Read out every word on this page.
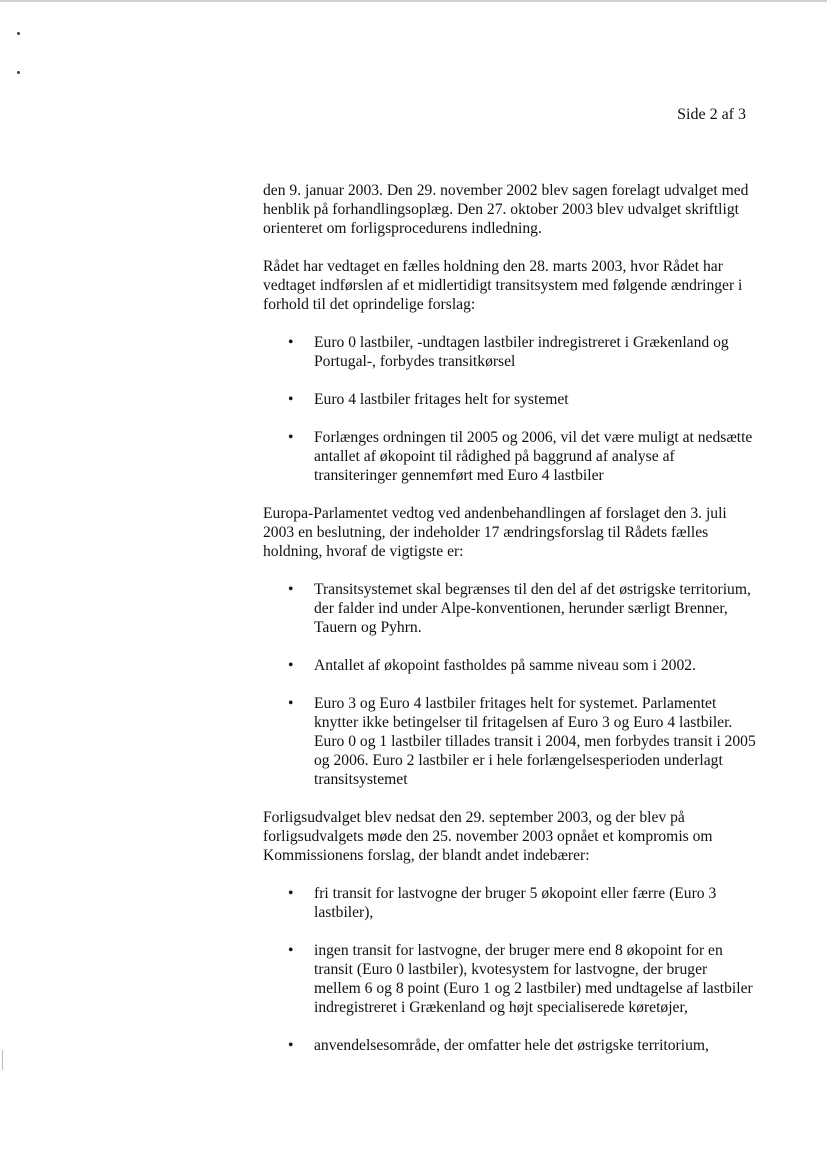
Side 2 af 3

den 9. januar 2003. Den 29. november 2002 blev sagen forelagt udvalget med henblik på forhandlingsoplæg. Den 27. oktober 2003 blev udvalget skriftligt orienteret om forligsprocedurens indledning.

Rådet har vedtaget en fælles holdning den 28. marts 2003, hvor Rådet har vedtaget indførslen af et midlertidigt transitsystem med følgende ændringer i forhold til det oprindelige forslag:

• Euro 0 lastbiler, -undtagen lastbiler indregistreret i Grækenland og Portugal-, forbydes transitkørsel
• Euro 4 lastbiler fritages helt for systemet
• Forlænges ordningen til 2005 og 2006, vil det være muligt at nedsætte antallet af økopoint til rådighed på baggrund af analyse af transiteringer gennemført med Euro 4 lastbiler

Europa-Parlamentet vedtog ved andenbehandlingen af forslaget den 3. juli 2003 en beslutning, der indeholder 17 ændringsforslag til Rådets fælles holdning, hvoraf de vigtigste er:

• Transitsystemet skal begrænses til den del af det østrigske territorium, der falder ind under Alpe-konventionen, herunder særligt Brenner, Tauern og Pyhrn.
• Antallet af økopoint fastholdes på samme niveau som i 2002.
• Euro 3 og Euro 4 lastbiler fritages helt for systemet. Parlamentet knytter ikke betingelser til fritagelsen af Euro 3 og Euro 4 lastbiler. Euro 0 og 1 lastbiler tillades transit i 2004, men forbydes transit i 2005 og 2006. Euro 2 lastbiler er i hele forlængelsesperioden underlagt transitsystemet

Forligsudvalget blev nedsat den 29. september 2003, og der blev på forligsudvalgets møde den 25. november 2003 opnået et kompromis om Kommissionens forslag, der blandt andet indebærer:

• fri transit for lastvogne der bruger 5 økopoint eller færre (Euro 3 lastbiler),
• ingen transit for lastvogne, der bruger mere end 8 økopoint for en transit (Euro 0 lastbiler), kvotesystem for lastvogne, der bruger mellem 6 og 8 point (Euro 1 og 2 lastbiler) med undtagelse af lastbiler indregistreret i Grækenland og højt specialiserede køretøjer,
• anvendelsesområde, der omfatter hele det østrigske territorium,
